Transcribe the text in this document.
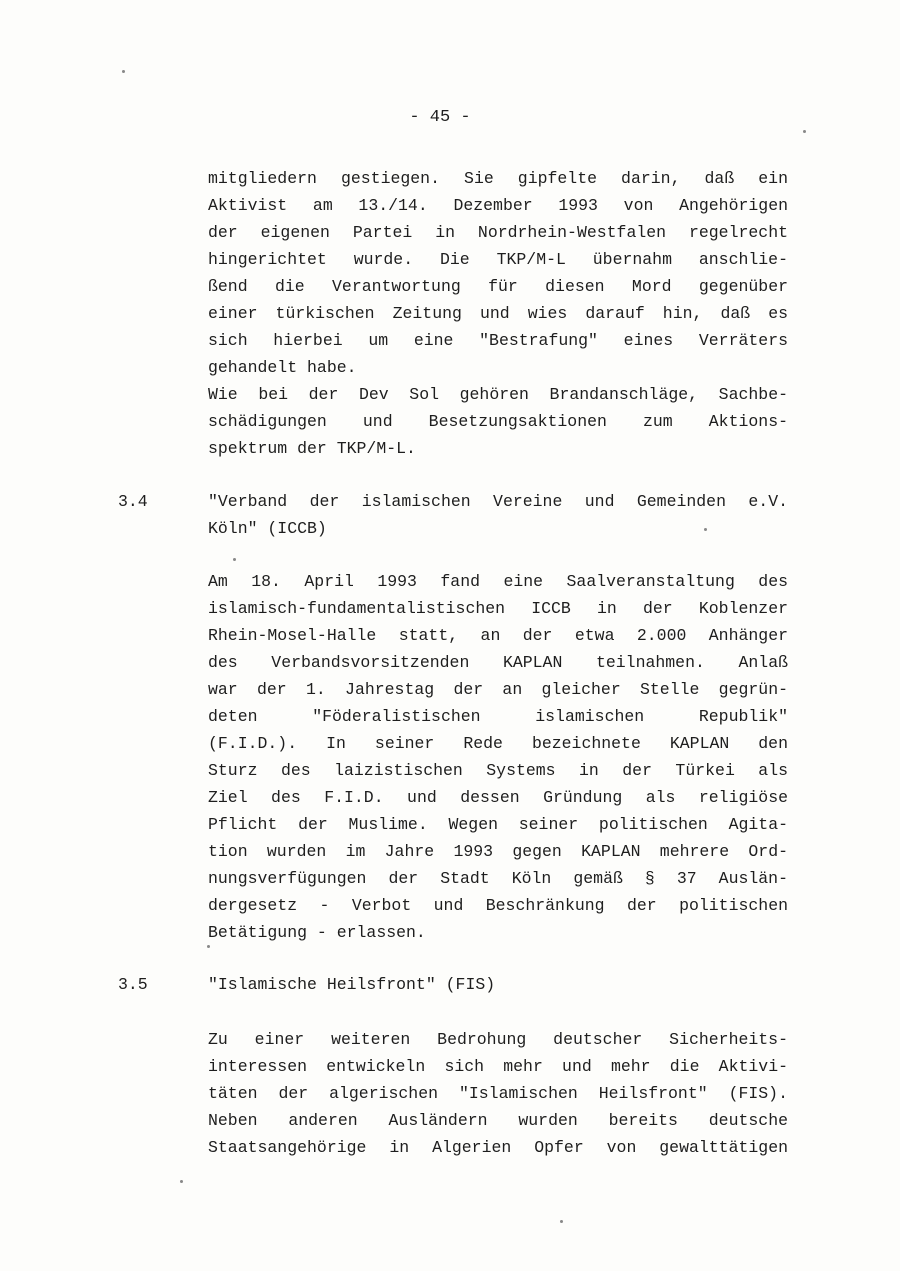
- 45 -
mitgliedern gestiegen. Sie gipfelte darin, daß ein
Aktivist am 13./14. Dezember 1993 von Angehörigen
der eigenen Partei in Nordrhein-Westfalen regelrecht
hingerichtet wurde. Die TKP/M-L übernahm anschlie-
ßend die Verantwortung für diesen Mord gegenüber
einer türkischen Zeitung und wies darauf hin, daß es
sich hierbei um eine "Bestrafung" eines Verräters
gehandelt habe.
Wie bei der Dev Sol gehören Brandanschläge, Sachbe-
schädigungen und Besetzungsaktionen zum Aktions-
spektrum der TKP/M-L.
3.4	"Verband der islamischen Vereine und Gemeinden e.V.
Köln" (ICCB)
Am 18. April 1993 fand eine Saalveranstaltung des
islamisch-fundamentalistischen ICCB in der Koblenzer
Rhein-Mosel-Halle statt, an der etwa 2.000 Anhänger
des Verbandsvorsitzenden KAPLAN teilnahmen. Anlaß
war der 1. Jahrestag der an gleicher Stelle gegrün-
deten "Föderalistischen islamischen Republik"
(F.I.D.). In seiner Rede bezeichnete KAPLAN den
Sturz des laizistischen Systems in der Türkei als
Ziel des F.I.D. und dessen Gründung als religiöse
Pflicht der Muslime. Wegen seiner politischen Agita-
tion wurden im Jahre 1993 gegen KAPLAN mehrere Ord-
nungsverfügungen der Stadt Köln gemäß § 37 Auslän-
dergesetz - Verbot und Beschränkung der politischen
Betätigung - erlassen.
3.5	"Islamische Heilsfront" (FIS)
Zu einer weiteren Bedrohung deutscher Sicherheits-
interessen entwickeln sich mehr und mehr die Aktivi-
täten der algerischen "Islamischen Heilsfront" (FIS).
Neben anderen Ausländern wurden bereits deutsche
Staatsangehörige in Algerien Opfer von gewalttätigen
